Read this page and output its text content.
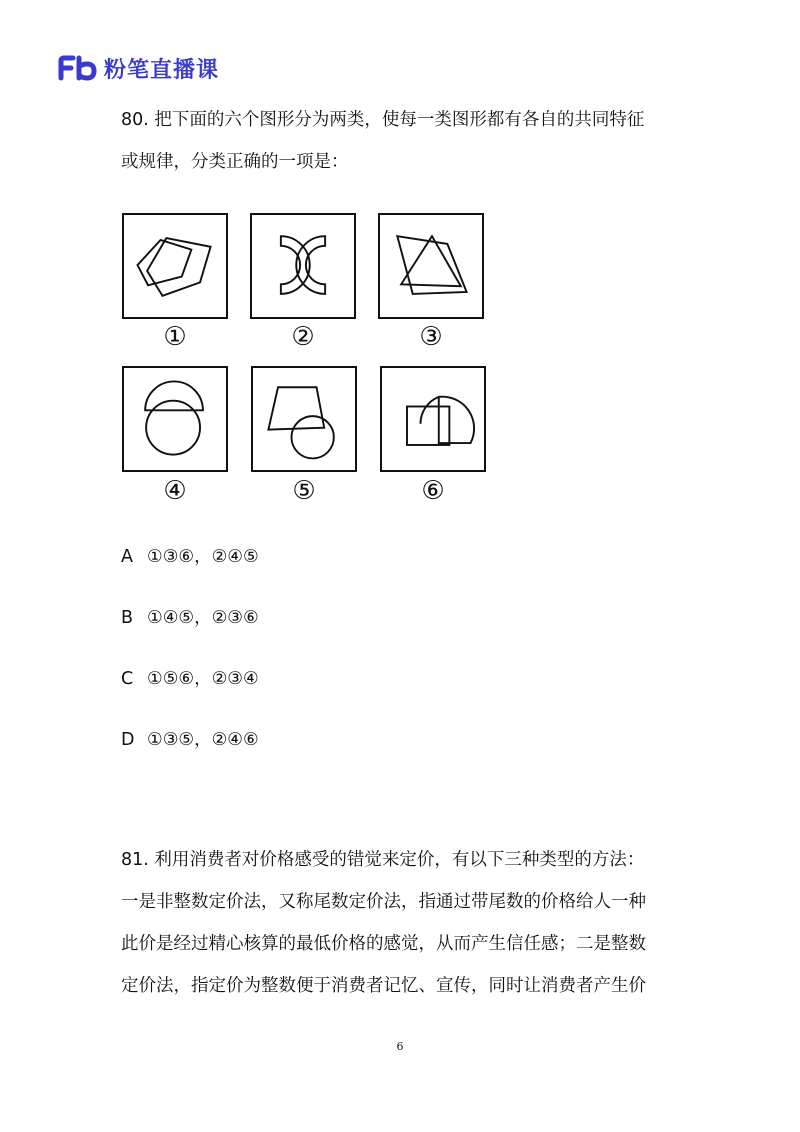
粉笔直播课
80. 把下面的六个图形分为两类，使每一类图形都有各自的共同特征
或规律，分类正确的一项是：
①	②	③
④	⑤	⑥
A ①③⑥，②④⑤
B ①④⑤，②③⑥
C ①⑤⑥，②③④
D ①③⑤，②④⑥
81. 利用消费者对价格感受的错觉来定价，有以下三种类型的方法：
一是非整数定价法，又称尾数定价法，指通过带尾数的价格给人一种
此价是经过精心核算的最低价格的感觉，从而产生信任感；二是整数
定价法，指定价为整数便于消费者记忆、宣传，同时让消费者产生价
6
